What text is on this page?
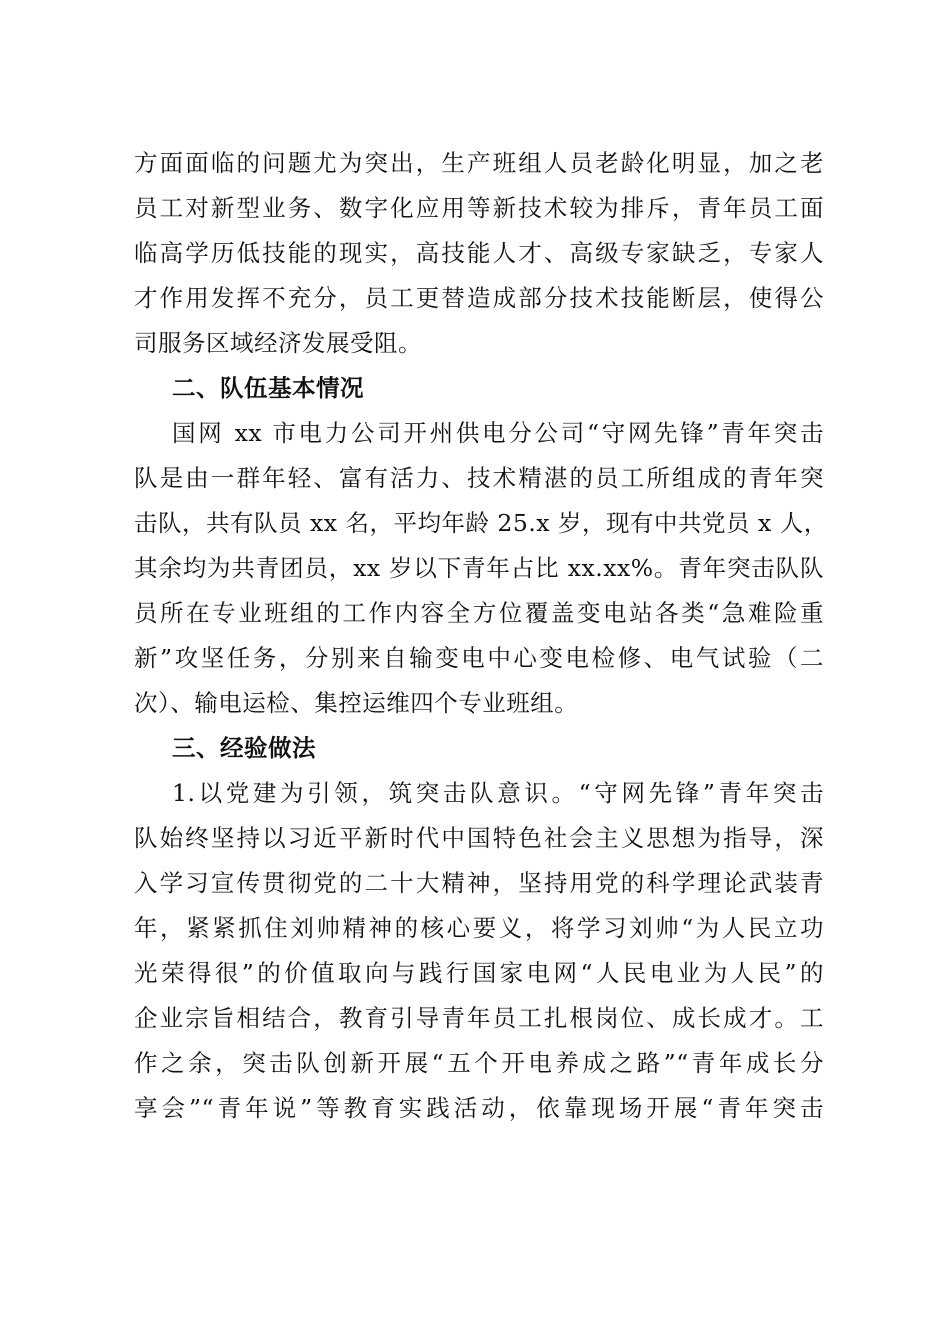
方面面临的问题尤为突出，生产班组人员老龄化明显，加之老
员工对新型业务、数字化应用等新技术较为排斥，青年员工面
临高学历低技能的现实，高技能人才、高级专家缺乏，专家人
才作用发挥不充分，员工更替造成部分技术技能断层，使得公
司服务区域经济发展受阻。
二、队伍基本情况
国网 xx 市电力公司开州供电分公司“守网先锋”青年突击
队是由一群年轻、富有活力、技术精湛的员工所组成的青年突
击队，共有队员 xx 名，平均年龄 25.x 岁，现有中共党员 x 人，
其余均为共青团员，xx 岁以下青年占比 xx.xx%。青年突击队队
员所在专业班组的工作内容全方位覆盖变电站各类“急难险重
新”攻坚任务，分别来自输变电中心变电检修、电气试验（二
次）、输电运检、集控运维四个专业班组。
三、经验做法
1.以党建为引领，筑突击队意识。“守网先锋”青年突击
队始终坚持以习近平新时代中国特色社会主义思想为指导，深
入学习宣传贯彻党的二十大精神，坚持用党的科学理论武装青
年，紧紧抓住刘帅精神的核心要义，将学习刘帅“为人民立功
光荣得很”的价值取向与践行国家电网“人民电业为人民”的
企业宗旨相结合，教育引导青年员工扎根岗位、成长成才。工
作之余，突击队创新开展“五个开电养成之路”“青年成长分
享会”“青年说”等教育实践活动，依靠现场开展“青年突击
